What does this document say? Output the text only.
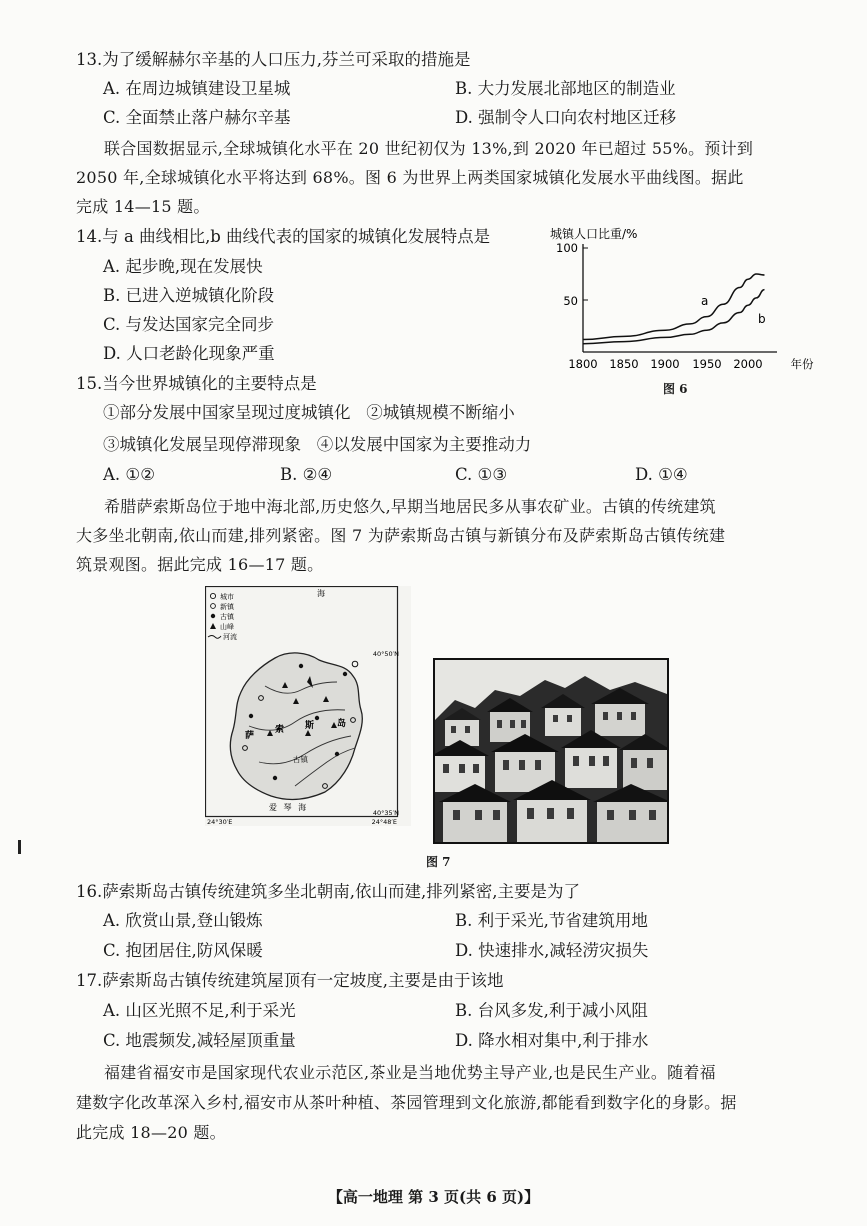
13.为了缓解赫尔辛基的人口压力,芬兰可采取的措施是
A. 在周边城镇建设卫星城	B. 大力发展北部地区的制造业
C. 全面禁止落户赫尔辛基	D. 强制令人口向农村地区迁移
联合国数据显示,全球城镇化水平在 20 世纪初仅为 13%,到 2020 年已超过 55%。预计到
2050 年,全球城镇化水平将达到 68%。图 6 为世界上两类国家城镇化发展水平曲线图。据此
完成 14—15 题。
14.与 a 曲线相比,b 曲线代表的国家的城镇化发展特点是
A. 起步晚,现在发展快
B. 已进入逆城镇化阶段
C. 与发达国家完全同步
D. 人口老龄化现象严重
城镇人口比重/%
100
50
1800 1850 1900 1950 2000 年份
a
b
图 6
15.当今世界城镇化的主要特点是
①部分发展中国家呈现过度城镇化   ②城镇规模不断缩小
③城镇化发展呈现停滞现象   ④以发展中国家为主要推动力
A. ①②	B. ②④	C. ①③	D. ①④
希腊萨索斯岛位于地中海北部,历史悠久,早期当地居民多从事农矿业。古镇的传统建筑
大多坐北朝南,依山而建,排列紧密。图 7 为萨索斯岛古镇与新镇分布及萨索斯岛古镇传统建
筑景观图。据此完成 16—17 题。
城市
新镇
古镇
山峰
河流
海
萨
索 斯	岛
古镇
爱 琴 海
40°50′N
40°35′N
24°30′E	24°48′E
图 7
16.萨索斯岛古镇传统建筑多坐北朝南,依山而建,排列紧密,主要是为了
A. 欣赏山景,登山锻炼	B. 利于采光,节省建筑用地
C. 抱团居住,防风保暖	D. 快速排水,减轻涝灾损失
17.萨索斯岛古镇传统建筑屋顶有一定坡度,主要是由于该地
A. 山区光照不足,利于采光	B. 台风多发,利于减小风阻
C. 地震频发,减轻屋顶重量	D. 降水相对集中,利于排水
福建省福安市是国家现代农业示范区,茶业是当地优势主导产业,也是民生产业。随着福
建数字化改革深入乡村,福安市从茶叶种植、茶园管理到文化旅游,都能看到数字化的身影。据
此完成 18—20 题。
【高一地理 第 3 页(共 6 页)】
